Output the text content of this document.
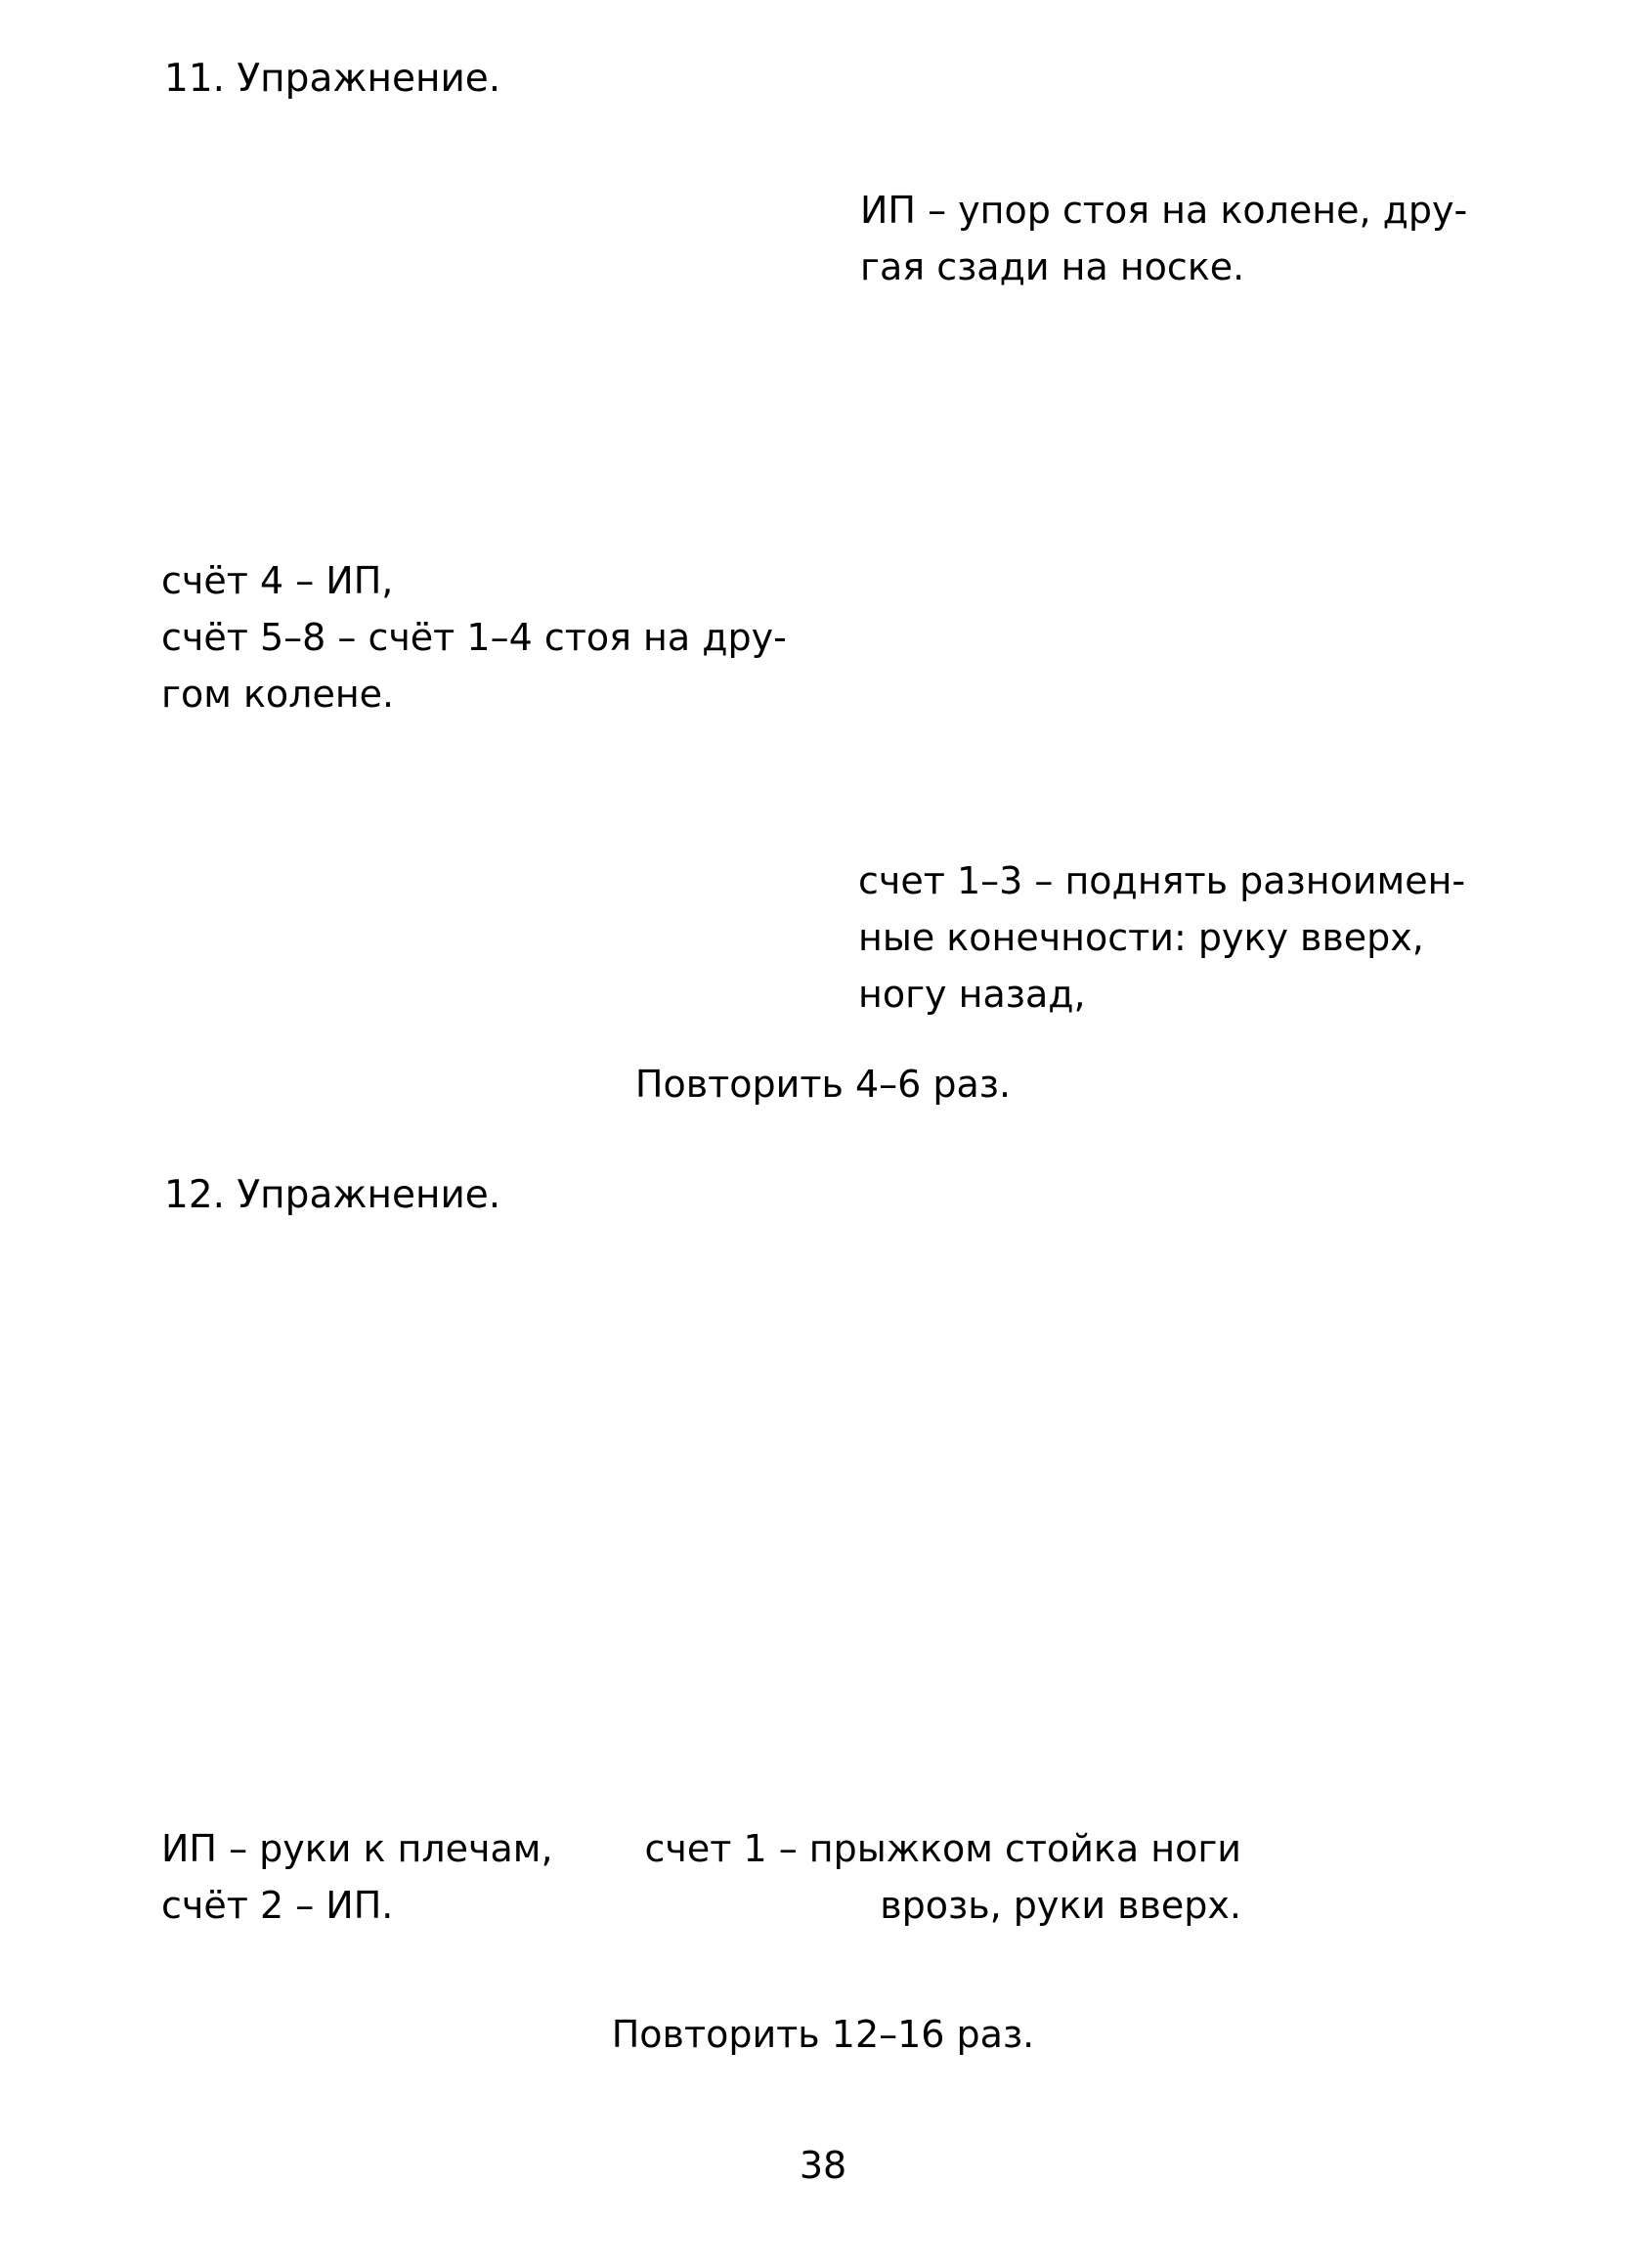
11. Упражнение.
ИП – упор стоя на колене, дру-
гая сзади на носке.
счёт 4 – ИП,
счёт 5–8 – счёт 1–4 стоя на дру-
гом колене.
счет 1–3 – поднять разноимен-
ные конечности: руку вверх,
ногу назад,
Повторить 4–6 раз.
12. Упражнение.
ИП – руки к плечам, счет 1 – прыжком стойка ноги
счёт 2 – ИП.	врозь, руки вверх.
Повторить 12–16 раз.
38
